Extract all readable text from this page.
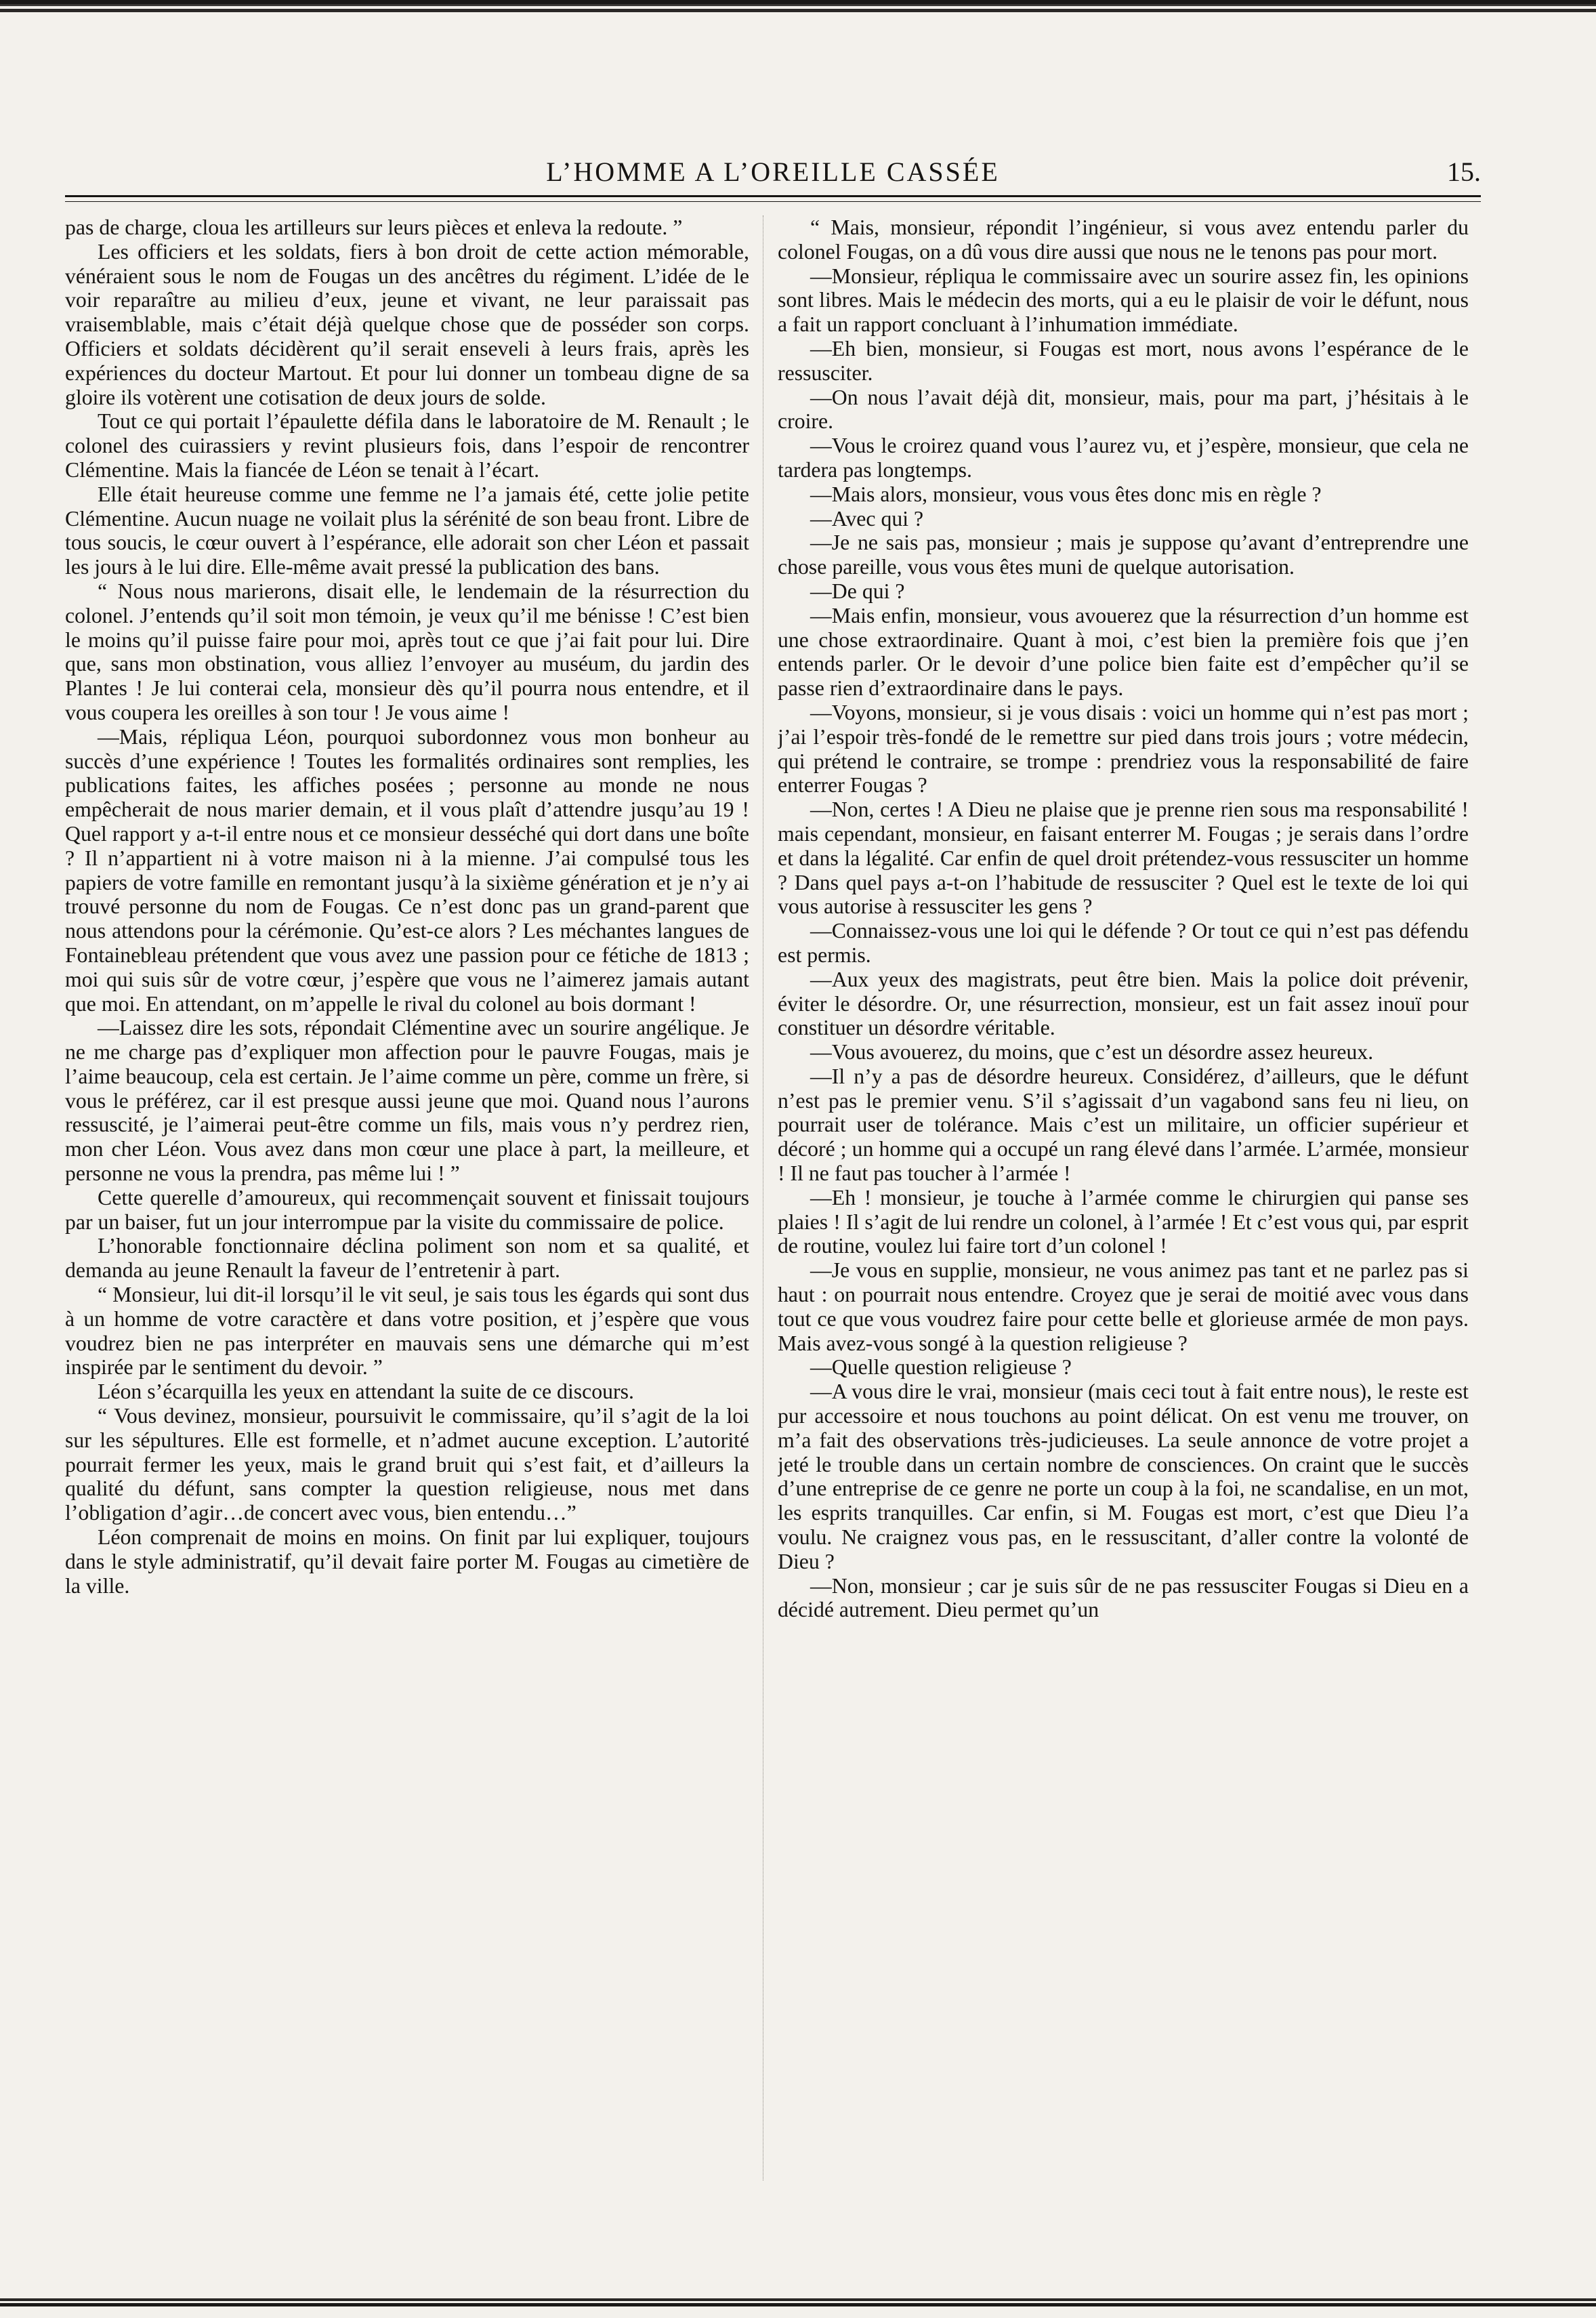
L’HOMME A L’OREILLE CASSÉE	15.

pas de charge, cloua les artilleurs sur leurs pièces et enleva la redoute. ”

Les officiers et les soldats, fiers à bon droit de cette action mémorable, vénéraient sous le nom de Fougas un des ancêtres du régiment. L’idée de le voir reparaître au milieu d’eux, jeune et vivant, ne leur paraissait pas vraisemblable, mais c’était déjà quelque chose que de posséder son corps. Officiers et soldats décidèrent qu’il serait enseveli à leurs frais, après les expériences du docteur Martout. Et pour lui donner un tombeau digne de sa gloire ils votèrent une cotisation de deux jours de solde.

Tout ce qui portait l’épaulette défila dans le laboratoire de M. Renault ; le colonel des cuirassiers y revint plusieurs fois, dans l’espoir de rencontrer Clémentine. Mais la fiancée de Léon se tenait à l’écart.

Elle était heureuse comme une femme ne l’a jamais été, cette jolie petite Clémentine. Aucun nuage ne voilait plus la sérénité de son beau front. Libre de tous soucis, le cœur ouvert à l’espérance, elle adorait son cher Léon et passait les jours à le lui dire. Elle-même avait pressé la publication des bans.

“ Nous nous marierons, disait elle, le lendemain de la résurrection du colonel. J’entends qu’il soit mon témoin, je veux qu’il me bénisse ! C’est bien le moins qu’il puisse faire pour moi, après tout ce que j’ai fait pour lui. Dire que, sans mon obstination, vous alliez l’envoyer au muséum, du jardin des Plantes ! Je lui conterai cela, monsieur dès qu’il pourra nous entendre, et il vous coupera les oreilles à son tour ! Je vous aime !

—Mais, répliqua Léon, pourquoi subordonnez vous mon bonheur au succès d’une expérience ! Toutes les formalités ordinaires sont remplies, les publications faites, les affiches posées ; personne au monde ne nous empêcherait de nous marier demain, et il vous plaît d’attendre jusqu’au 19 ! Quel rapport y a-t-il entre nous et ce monsieur desséché qui dort dans une boîte ? Il n’appartient ni à votre maison ni à la mienne. J’ai compulsé tous les papiers de votre famille en remontant jusqu’à la sixième génération et je n’y ai trouvé personne du nom de Fougas. Ce n’est donc pas un grand-parent que nous attendons pour la cérémonie. Qu’est-ce alors ? Les méchantes langues de Fontainebleau prétendent que vous avez une passion pour ce fétiche de 1813 ; moi qui suis sûr de votre cœur, j’espère que vous ne l’aimerez jamais autant que moi. En attendant, on m’appelle le rival du colonel au bois dormant !

—Laissez dire les sots, répondait Clémentine avec un sourire angélique. Je ne me charge pas d’expliquer mon affection pour le pauvre Fougas, mais je l’aime beaucoup, cela est certain. Je l’aime comme un père, comme un frère, si vous le préférez, car il est presque aussi jeune que moi. Quand nous l’aurons ressuscité, je l’aimerai peut-être comme un fils, mais vous n’y perdrez rien, mon cher Léon. Vous avez dans mon cœur une place à part, la meilleure, et personne ne vous la prendra, pas même lui ! ”

Cette querelle d’amoureux, qui recommençait souvent et finissait toujours par un baiser, fut un jour interrompue par la visite du commissaire de police.

L’honorable fonctionnaire déclina poliment son nom et sa qualité, et demanda au jeune Renault la faveur de l’entretenir à part.

“ Monsieur, lui dit-il lorsqu’il le vit seul, je sais tous les égards qui sont dus à un homme de votre caractère et dans votre position, et j’espère que vous voudrez bien ne pas interpréter en mauvais sens une démarche qui m’est inspirée par le sentiment du devoir. ”

Léon s’écarquilla les yeux en attendant la suite de ce discours.

“ Vous devinez, monsieur, poursuivit le commissaire, qu’il s’agit de la loi sur les sépultures. Elle est formelle, et n’admet aucune exception. L’autorité pourrait fermer les yeux, mais le grand bruit qui s’est fait, et d’ailleurs la qualité du défunt, sans compter la question religieuse, nous met dans l’obligation d’agir…de concert avec vous, bien entendu…”

Léon comprenait de moins en moins. On finit par lui expliquer, toujours dans le style administratif, qu’il devait faire porter M. Fougas au cimetière de la ville.

“ Mais, monsieur, répondit l’ingénieur, si vous avez entendu parler du colonel Fougas, on a dû vous dire aussi que nous ne le tenons pas pour mort.

—Monsieur, répliqua le commissaire avec un sourire assez fin, les opinions sont libres. Mais le médecin des morts, qui a eu le plaisir de voir le défunt, nous a fait un rapport concluant à l’inhumation immédiate.

—Eh bien, monsieur, si Fougas est mort, nous avons l’espérance de le ressusciter.

—On nous l’avait déjà dit, monsieur, mais, pour ma part, j’hésitais à le croire.

—Vous le croirez quand vous l’aurez vu, et j’espère, monsieur, que cela ne tardera pas longtemps.

—Mais alors, monsieur, vous vous êtes donc mis en règle ?

—Avec qui ?

—Je ne sais pas, monsieur ; mais je suppose qu’avant d’entreprendre une chose pareille, vous vous êtes muni de quelque autorisation.

—De qui ?

—Mais enfin, monsieur, vous avouerez que la résurrection d’un homme est une chose extraordinaire. Quant à moi, c’est bien la première fois que j’en entends parler. Or le devoir d’une police bien faite est d’empêcher qu’il se passe rien d’extraordinaire dans le pays.

—Voyons, monsieur, si je vous disais : voici un homme qui n’est pas mort ; j’ai l’espoir très-fondé de le remettre sur pied dans trois jours ; votre médecin, qui prétend le contraire, se trompe : prendriez vous la responsabilité de faire enterrer Fougas ?

—Non, certes ! A Dieu ne plaise que je prenne rien sous ma responsabilité ! mais cependant, monsieur, en faisant enterrer M. Fougas ; je serais dans l’ordre et dans la légalité. Car enfin de quel droit prétendez-vous ressusciter un homme ? Dans quel pays a-t-on l’habitude de ressusciter ? Quel est le texte de loi qui vous autorise à ressusciter les gens ?

—Connaissez-vous une loi qui le défende ? Or tout ce qui n’est pas défendu est permis.

—Aux yeux des magistrats, peut être bien. Mais la police doit prévenir, éviter le désordre. Or, une résurrection, monsieur, est un fait assez inouï pour constituer un désordre véritable.

—Vous avouerez, du moins, que c’est un désordre assez heureux.

—Il n’y a pas de désordre heureux. Considérez, d’ailleurs, que le défunt n’est pas le premier venu. S’il s’agissait d’un vagabond sans feu ni lieu, on pourrait user de tolérance. Mais c’est un militaire, un officier supérieur et décoré ; un homme qui a occupé un rang élevé dans l’armée. L’armée, monsieur ! Il ne faut pas toucher à l’armée !

—Eh ! monsieur, je touche à l’armée comme le chirurgien qui panse ses plaies ! Il s’agit de lui rendre un colonel, à l’armée ! Et c’est vous qui, par esprit de routine, voulez lui faire tort d’un colonel !

—Je vous en supplie, monsieur, ne vous animez pas tant et ne parlez pas si haut : on pourrait nous entendre. Croyez que je serai de moitié avec vous dans tout ce que vous voudrez faire pour cette belle et glorieuse armée de mon pays. Mais avez-vous songé à la question religieuse ?

—Quelle question religieuse ?

—A vous dire le vrai, monsieur (mais ceci tout à fait entre nous), le reste est pur accessoire et nous touchons au point délicat. On est venu me trouver, on m’a fait des observations très-judicieuses. La seule annonce de votre projet a jeté le trouble dans un certain nombre de consciences. On craint que le succès d’une entreprise de ce genre ne porte un coup à la foi, ne scandalise, en un mot, les esprits tranquilles. Car enfin, si M. Fougas est mort, c’est que Dieu l’a voulu. Ne craignez vous pas, en le ressuscitant, d’aller contre la volonté de Dieu ?

—Non, monsieur ; car je suis sûr de ne pas ressusciter Fougas si Dieu en a décidé autrement. Dieu permet qu’un
